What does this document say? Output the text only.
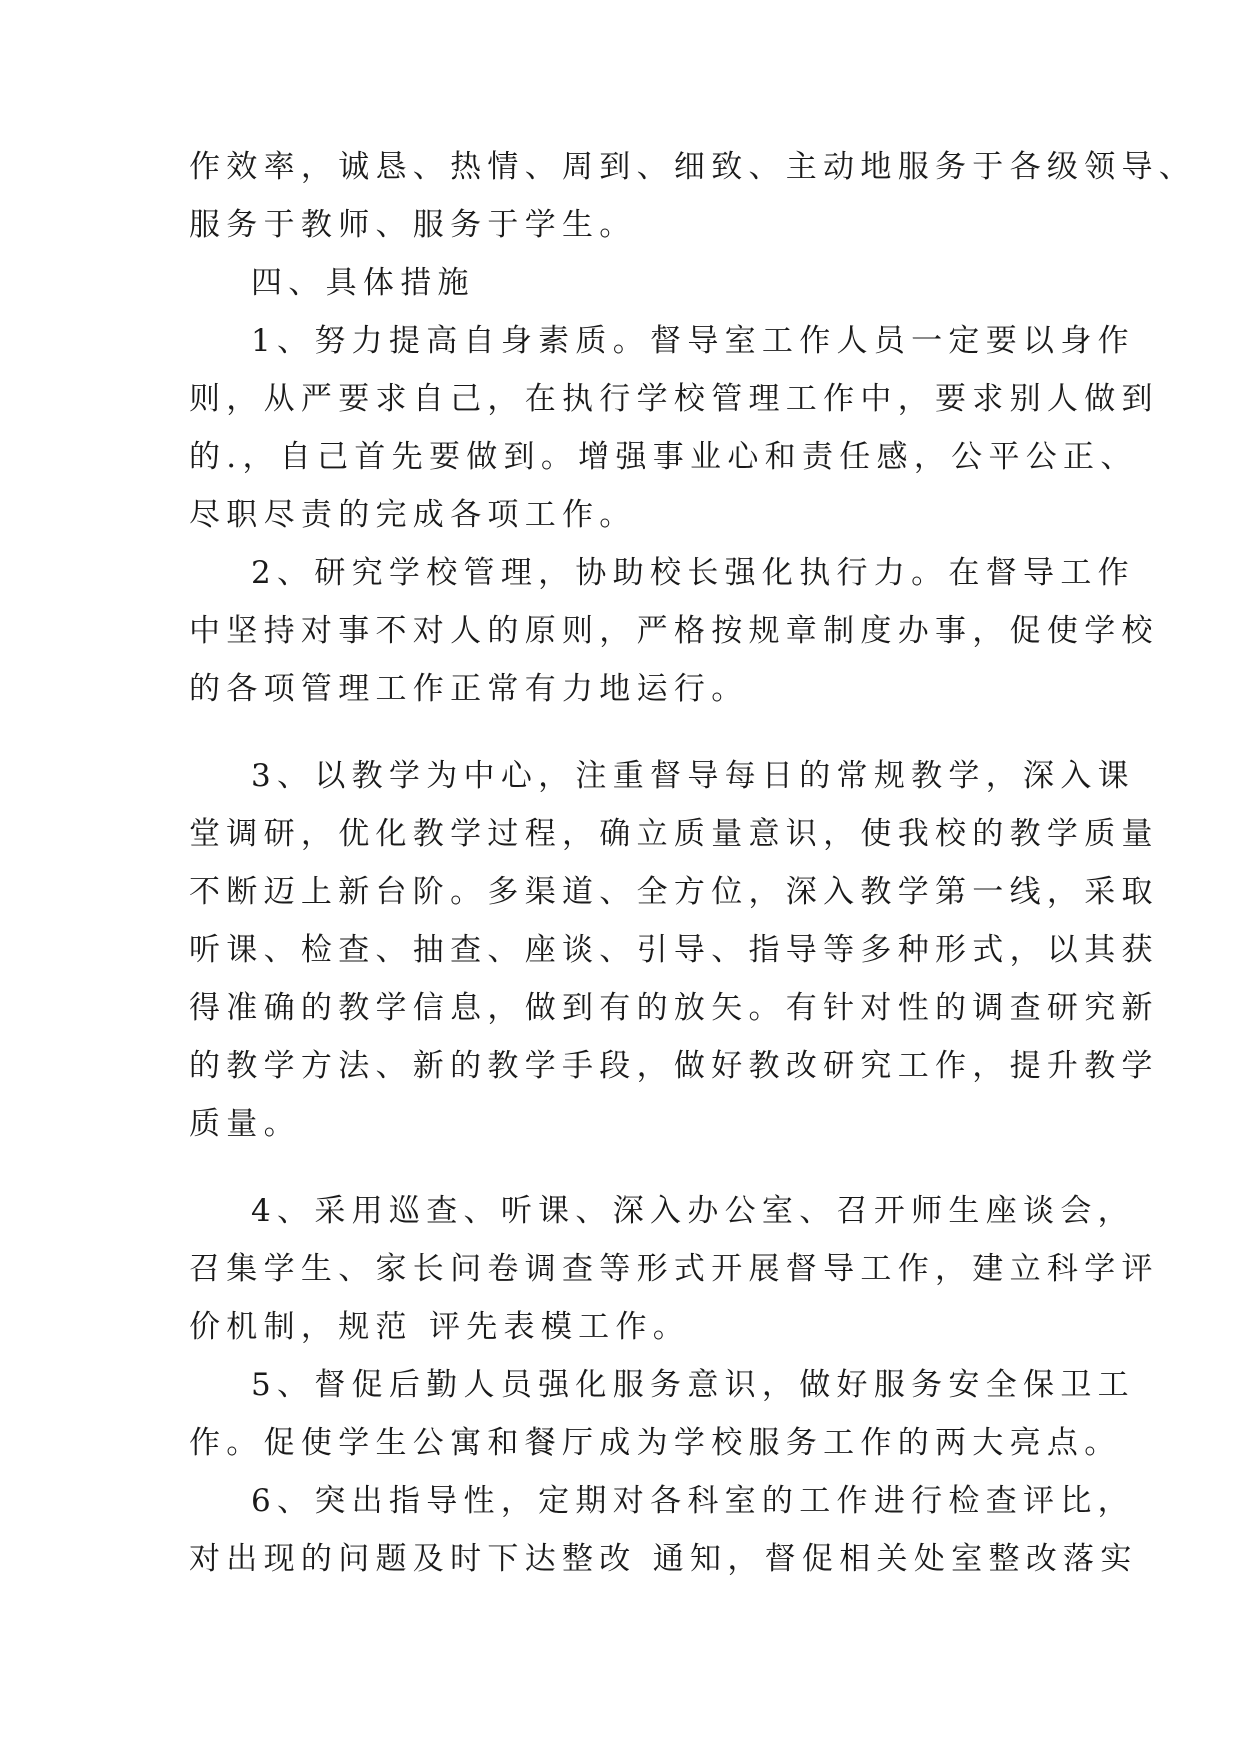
作效率，诚恳、热情、周到、细致、主动地服务于各级领导、
服务于教师、服务于学生。
四、具体措施
1、努力提高自身素质。督导室工作人员一定要以身作
则，从严要求自己，在执行学校管理工作中，要求别人做到
的.，自己首先要做到。增强事业心和责任感，公平公正、
尽职尽责的完成各项工作。
2、研究学校管理，协助校长强化执行力。在督导工作
中坚持对事不对人的原则，严格按规章制度办事，促使学校
的各项管理工作正常有力地运行。
3、以教学为中心，注重督导每日的常规教学，深入课
堂调研，优化教学过程，确立质量意识，使我校的教学质量
不断迈上新台阶。多渠道、全方位，深入教学第一线，采取
听课、检查、抽查、座谈、引导、指导等多种形式，以其获
得准确的教学信息，做到有的放矢。有针对性的调查研究新
的教学方法、新的教学手段，做好教改研究工作，提升教学
质量。
4、采用巡查、听课、深入办公室、召开师生座谈会，
召集学生、家长问卷调查等形式开展督导工作，建立科学评
价机制，规范 评先表模工作。
5、督促后勤人员强化服务意识，做好服务安全保卫工
作。促使学生公寓和餐厅成为学校服务工作的两大亮点。
6、突出指导性，定期对各科室的工作进行检查评比，
对出现的问题及时下达整改 通知，督促相关处室整改落实
